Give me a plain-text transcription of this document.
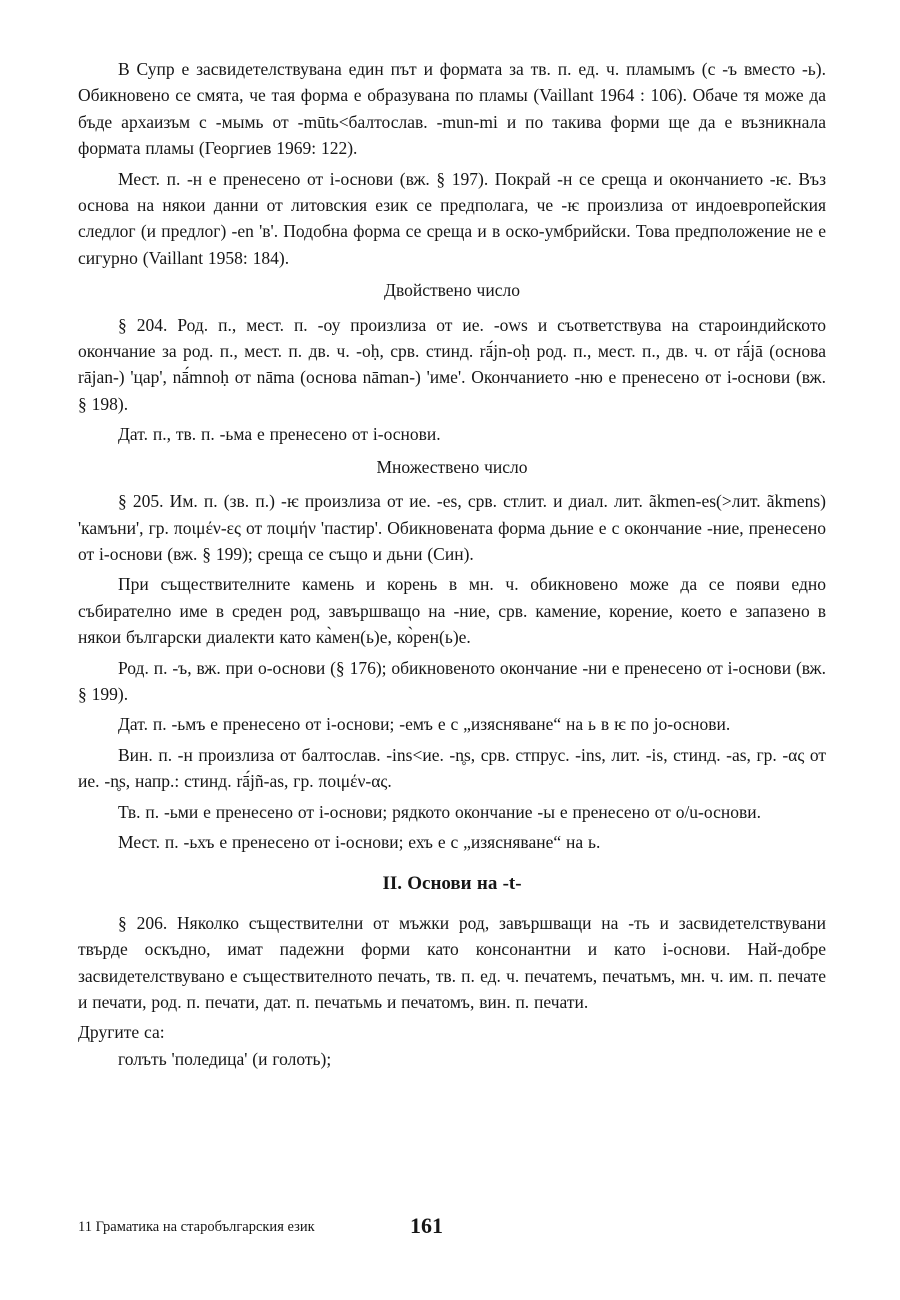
В Супр е засвидетелствувана един път и формата за тв. п. ед. ч. пламымъ (с -ъ вместо -ь). Обикновено се смята, че тая форма е образувана по пламы (Vaillant 1964 : 106). Обаче тя може да бъде архаизъм с -мымь от -mūtь<балтослав. -mun-mi и по такива форми ще да е възникнала формата пламы (Георгиев 1969: 122).

Мест. п. -н е пренесено от i-основи (вж. § 197). Покрай -н се среща и окончанието -ѥ. Въз основа на някои данни от литовския език се предполага, че -ѥ произлиза от индоевропейския следлог (и предлог) -en 'в'. Подобна форма се среща и в оско-умбрийски. Това предположение не е сигурно (Vaillant 1958: 184).

Двойствено число

§ 204. Род. п., мест. п. -оу произлиза от ие. -ows и съответствува на староиндийското окончание за род. п., мест. п. дв. ч. -oḥ, срв. стинд. rā́jn-oḥ род. п., мест. п., дв. ч. от rā́jā (основа rājan-) 'цар', nā́mnoḥ от nāma (основа nāman-) 'име'. Окончанието -ню е пренесено от i-основи (вж. § 198).

Дат. п., тв. п. -ьма е пренесено от i-основи.

Множествено число

§ 205. Им. п. (зв. п.) -ѥ произлиза от ие. -es, срв. стлит. и диал. лит. ãkmen-es(>лит. ãkmens) 'камъни', гр. ποιμέν-ες от ποιμήν 'пастир'. Обикновената форма дьние е с окончание -ние, пренесено от i-основи (вж. § 199); среща се също и дьни (Син).

При съществителните камень и корень в мн. ч. обикновено може да се появи едно събирателно име в среден род, завършващо на -ние, срв. камение, корение, което е запазено в някои български диалекти като ка̀мен(ь)е, ко̀рен(ь)е.

Род. п. -ъ, вж. при o-основи (§ 176); обикновеното окончание -ни е пренесено от i-основи (вж. § 199).

Дат. п. -ьмъ е пренесено от i-основи; -емъ е с „изясняване“ на ь в ѥ по jo-основи.

Вин. п. -н произлиза от балтослав. -ins<ие. -n̥s, срв. стпрус. -ins, лит. -is, стинд. -as, гр. -ας от ие. -n̥s, напр.: стинд. rā́jñ-as, гр. ποιμέν-ας.

Тв. п. -ьми е пренесено от i-основи; рядкото окончание -ы е пренесено от o/u-основи.

Мест. п. -ьхъ е пренесено от i-основи; ехъ е с „изясняване“ на ь.

II. Основи на -t-

§ 206. Няколко съществителни от мъжки род, завършващи на -ть и засвидетелствувани твърде оскъдно, имат падежни форми като консонантни и като i-основи. Най-добре засвидетелствувано е съществителното печать, тв. п. ед. ч. печатемъ, печатьмъ, мн. ч. им. п. печате и печати, род. п. печати, дат. п. печатьмь и печатомъ, вин. п. печати.

Другите са:

голъть 'поледица' (и голоть);

11 Граматика на старобългарския език	161
